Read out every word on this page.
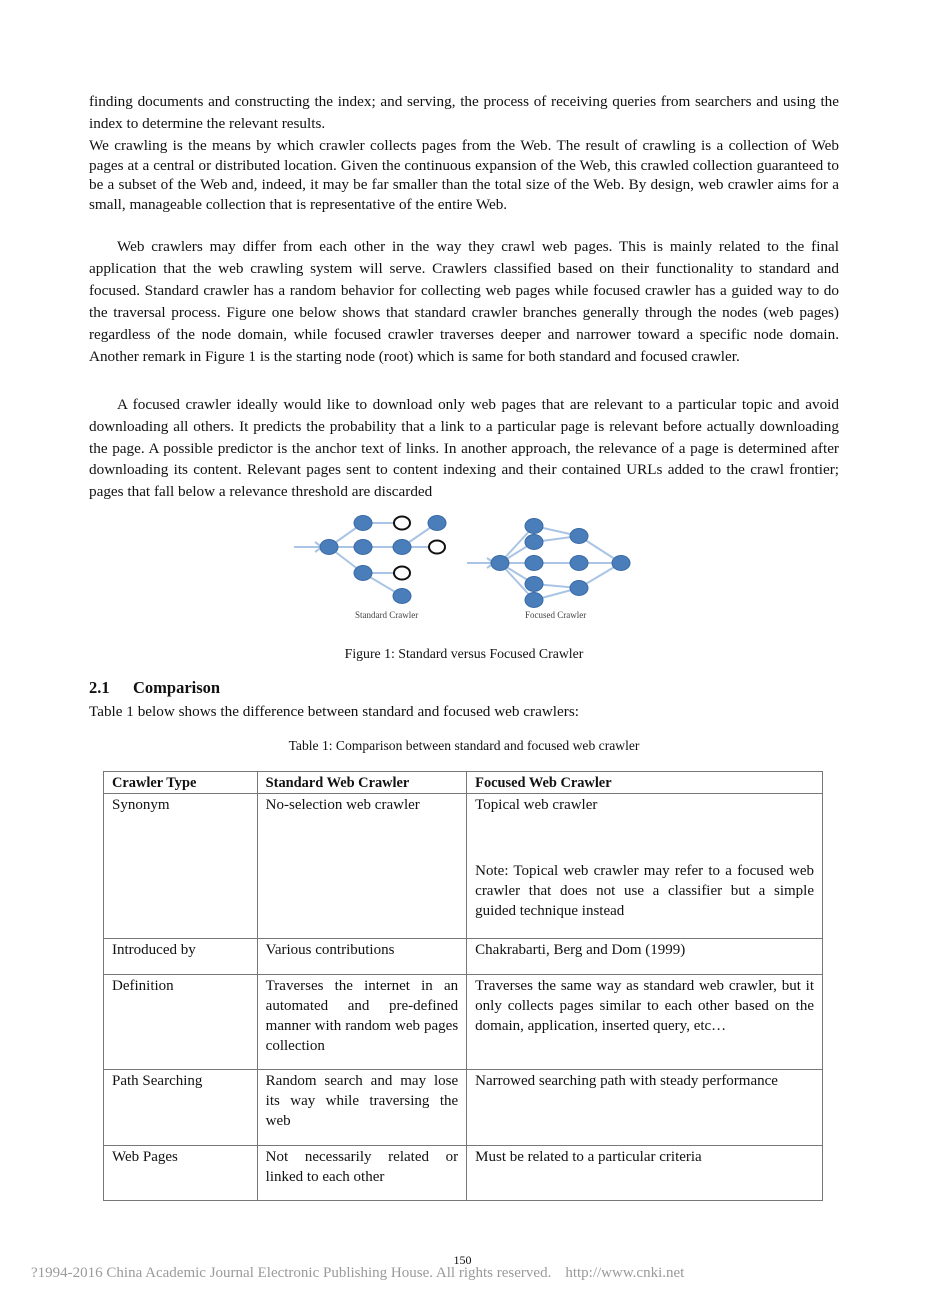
finding documents and constructing the index; and serving, the process of receiving queries from searchers and using the index to determine the relevant results.

We crawling is the means by which crawler collects pages from the Web. The result of crawling is a collection of Web pages at a central or distributed location. Given the continuous expansion of the Web, this crawled collection guaranteed to be a subset of the Web and, indeed, it may be far smaller than the total size of the Web. By design, web crawler aims for a small, manageable collection that is representative of the entire Web.

Web crawlers may differ from each other in the way they crawl web pages. This is mainly related to the final application that the web crawling system will serve. Crawlers classified based on their functionality to standard and focused. Standard crawler has a random behavior for collecting web pages while focused crawler has a guided way to do the traversal process. Figure one below shows that standard crawler branches generally through the nodes (web pages) regardless of the node domain, while focused crawler traverses deeper and narrower toward a specific node domain. Another remark in Figure 1 is the starting node (root) which is same for both standard and focused crawler.

A focused crawler ideally would like to download only web pages that are relevant to a particular topic and avoid downloading all others. It predicts the probability that a link to a particular page is relevant before actually downloading the page. A possible predictor is the anchor text of links. In another approach, the relevance of a page is determined after downloading its content. Relevant pages sent to content indexing and their contained URLs added to the crawl frontier; pages that fall below a relevance threshold are discarded

Standard Crawler	Focused Crawler
Figure 1: Standard versus Focused Crawler
2.1 Comparison
Table 1 below shows the difference between standard and focused web crawlers:
Table 1: Comparison between standard and focused web crawler
Crawler Type	Standard Web Crawler	Focused Web Crawler
Synonym	No-selection web crawler	Topical web crawler
Note: Topical web crawler may refer to a focused web crawler that does not use a classifier but a simple guided technique instead

Introduced by	Various contributions	Chakrabarti, Berg and Dom (1999)
Definition	Traverses the internet in an automated and pre-defined manner with random web pages collection	Traverses the same way as standard web crawler, but it only collects pages similar to each other based on the domain, application, inserted query, etc…
Path Searching	Random search and may lose its way while traversing the web	Narrowed searching path with steady performance
Web Pages	Not necessarily related or linked to each other	Must be related to a particular criteria
150
?1994-2016 China Academic Journal Electronic Publishing House. All rights reserved. http://www.cnki.net
